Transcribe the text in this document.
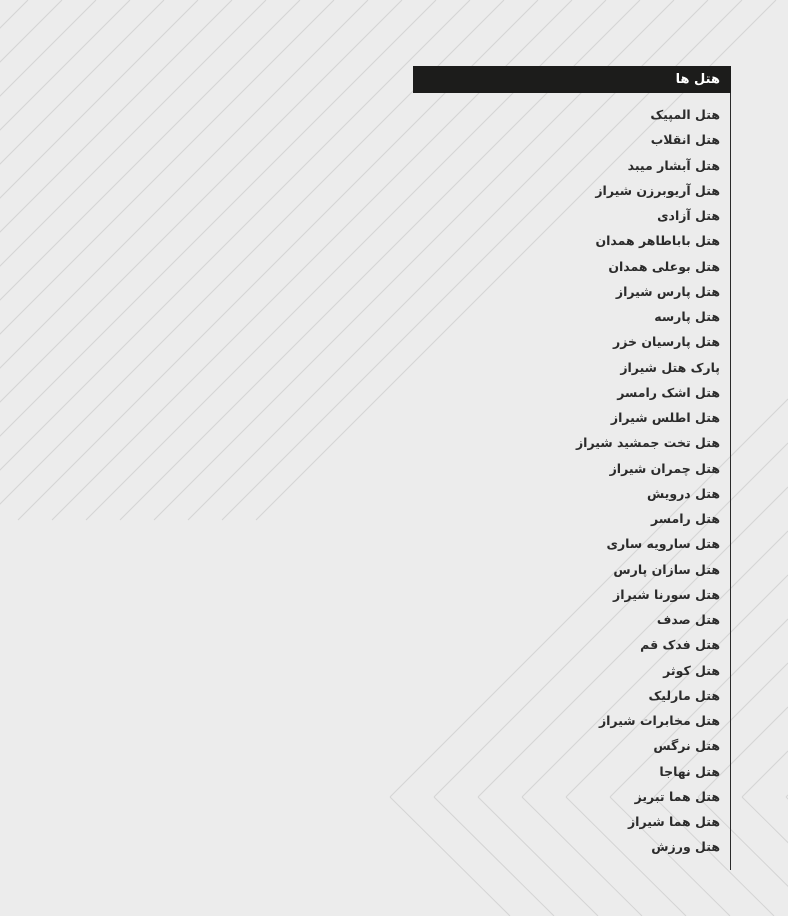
هتل ها
هتل المپیک
هتل انقلاب
هتل آبشار میبد
هتل آریوبرزن شیراز
هتل آزادی
هتل باباطاهر همدان
هتل بوعلی همدان
هتل پارس شیراز
هتل پارسه
هتل پارسیان خزر
پارک هتل شیراز
هتل اشک رامسر
هتل اطلس شیراز
هتل تخت جمشید شیراز
هتل چمران شیراز
هتل درویش
هتل رامسر
هتل سارویه ساری
هتل سازان پارس
هتل سورنا شیراز
هتل صدف
هتل فدک قم
هتل کوثر
هتل مارلیک
هتل مخابرات شیراز
هتل نرگس
هتل نهاجا
هتل هما تبریز
هتل هما شیراز
هتل ورزش
